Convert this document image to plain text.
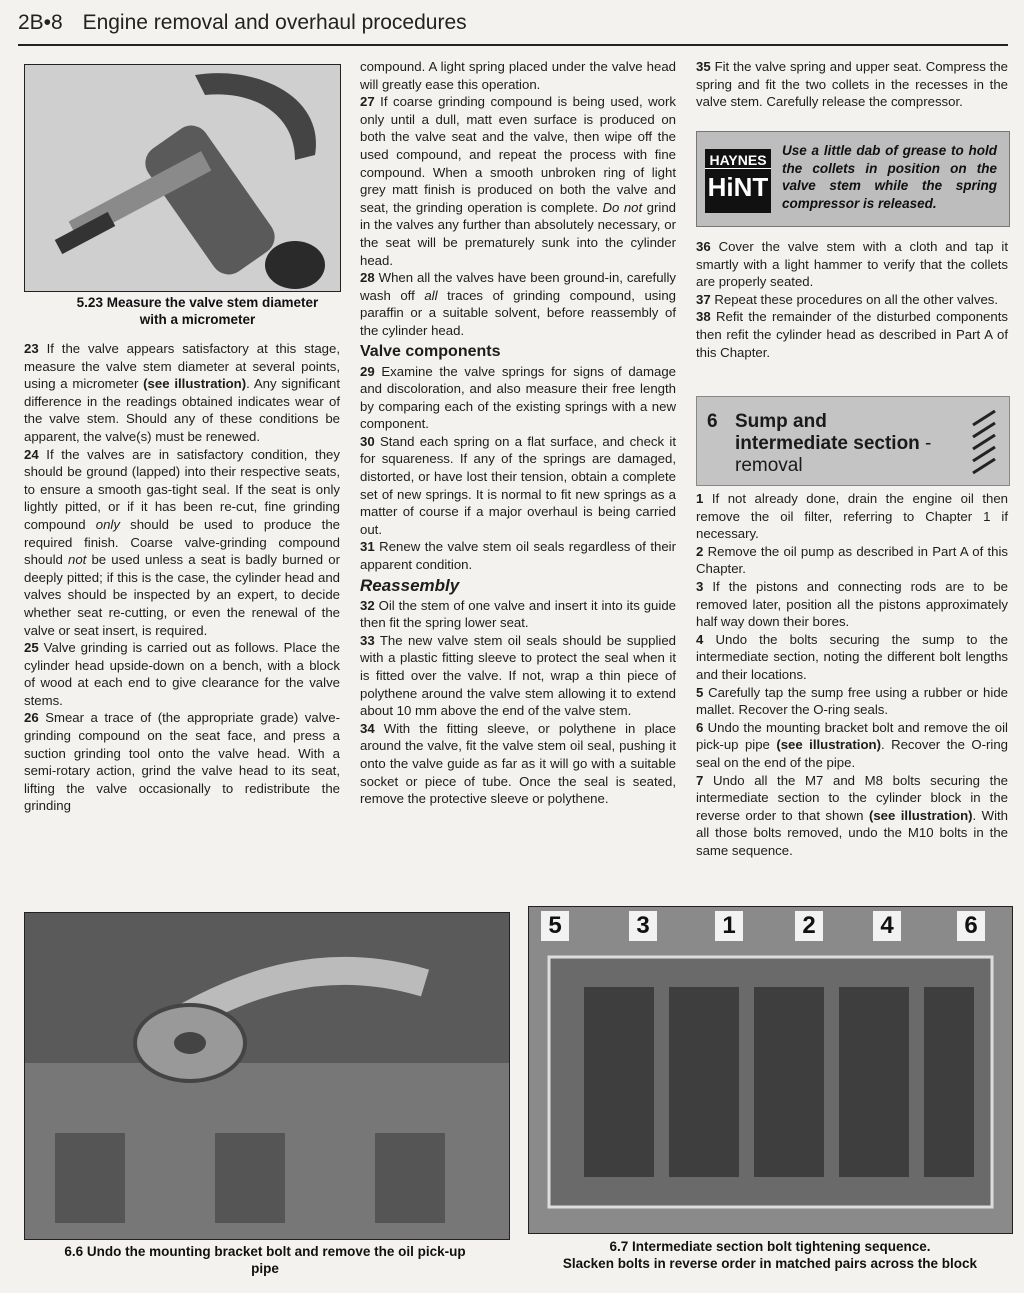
2B•8 Engine removal and overhaul procedures
5.23 Measure the valve stem diameter with a micrometer

23 If the valve appears satisfactory at this stage, measure the valve stem diameter at several points, using a micrometer (see illustration). Any significant difference in the readings obtained indicates wear of the valve stem. Should any of these conditions be apparent, the valve(s) must be renewed.

24 If the valves are in satisfactory condition, they should be ground (lapped) into their respective seats, to ensure a smooth gas-tight seal. If the seat is only lightly pitted, or if it has been re-cut, fine grinding compound only should be used to produce the required finish. Coarse valve-grinding compound should not be used unless a seat is badly burned or deeply pitted; if this is the case, the cylinder head and valves should be inspected by an expert, to decide whether seat re-cutting, or even the renewal of the valve or seat insert, is required.

25 Valve grinding is carried out as follows. Place the cylinder head upside-down on a bench, with a block of wood at each end to give clearance for the valve stems.

26 Smear a trace of (the appropriate grade) valve-grinding compound on the seat face, and press a suction grinding tool onto the valve head. With a semi-rotary action, grind the valve head to its seat, lifting the valve occasionally to redistribute the grinding

compound. A light spring placed under the valve head will greatly ease this operation.

27 If coarse grinding compound is being used, work only until a dull, matt even surface is produced on both the valve seat and the valve, then wipe off the used compound, and repeat the process with fine compound. When a smooth unbroken ring of light grey matt finish is produced on both the valve and seat, the grinding operation is complete. Do not grind in the valves any further than absolutely necessary, or the seat will be prematurely sunk into the cylinder head.

28 When all the valves have been ground-in, carefully wash off all traces of grinding compound, using paraffin or a suitable solvent, before reassembly of the cylinder head.

Valve components

29 Examine the valve springs for signs of damage and discoloration, and also measure their free length by comparing each of the existing springs with a new component.

30 Stand each spring on a flat surface, and check it for squareness. If any of the springs are damaged, distorted, or have lost their tension, obtain a complete set of new springs. It is normal to fit new springs as a matter of course if a major overhaul is being carried out.

31 Renew the valve stem oil seals regardless of their apparent condition.

Reassembly

32 Oil the stem of one valve and insert it into its guide then fit the spring lower seat.

33 The new valve stem oil seals should be supplied with a plastic fitting sleeve to protect the seal when it is fitted over the valve. If not, wrap a thin piece of polythene around the valve stem allowing it to extend about 10 mm above the end of the valve stem.

34 With the fitting sleeve, or polythene in place around the valve, fit the valve stem oil seal, pushing it onto the valve guide as far as it will go with a suitable socket or piece of tube. Once the seal is seated, remove the protective sleeve or polythene.

35 Fit the valve spring and upper seat. Compress the spring and fit the two collets in the recesses in the valve stem. Carefully release the compressor.

HAYNES
HiNT
Use a little dab of grease to hold the collets in position on the valve stem while the spring compressor is released.

36 Cover the valve stem with a cloth and tap it smartly with a light hammer to verify that the collets are properly seated.

37 Repeat these procedures on all the other valves.

38 Refit the remainder of the disturbed components then refit the cylinder head as described in Part A of this Chapter.

6 Sump and intermediate section - removal

1 If not already done, drain the engine oil then remove the oil filter, referring to Chapter 1 if necessary.

2 Remove the oil pump as described in Part A of this Chapter.

3 If the pistons and connecting rods are to be removed later, position all the pistons approximately half way down their bores.

4 Undo the bolts securing the sump to the intermediate section, noting the different bolt lengths and their locations.

5 Carefully tap the sump free using a rubber or hide mallet. Recover the O-ring seals.

6 Undo the mounting bracket bolt and remove the oil pick-up pipe (see illustration). Recover the O-ring seal on the end of the pipe.

7 Undo all the M7 and M8 bolts securing the intermediate section to the cylinder block in the reverse order to that shown (see illustration). With all those bolts removed, undo the M10 bolts in the same sequence.

6.6 Undo the mounting bracket bolt and remove the oil pick-up pipe
5	3	1	2	4	6
6.7 Intermediate section bolt tightening sequence.
Slacken bolts in reverse order in matched pairs across the block
